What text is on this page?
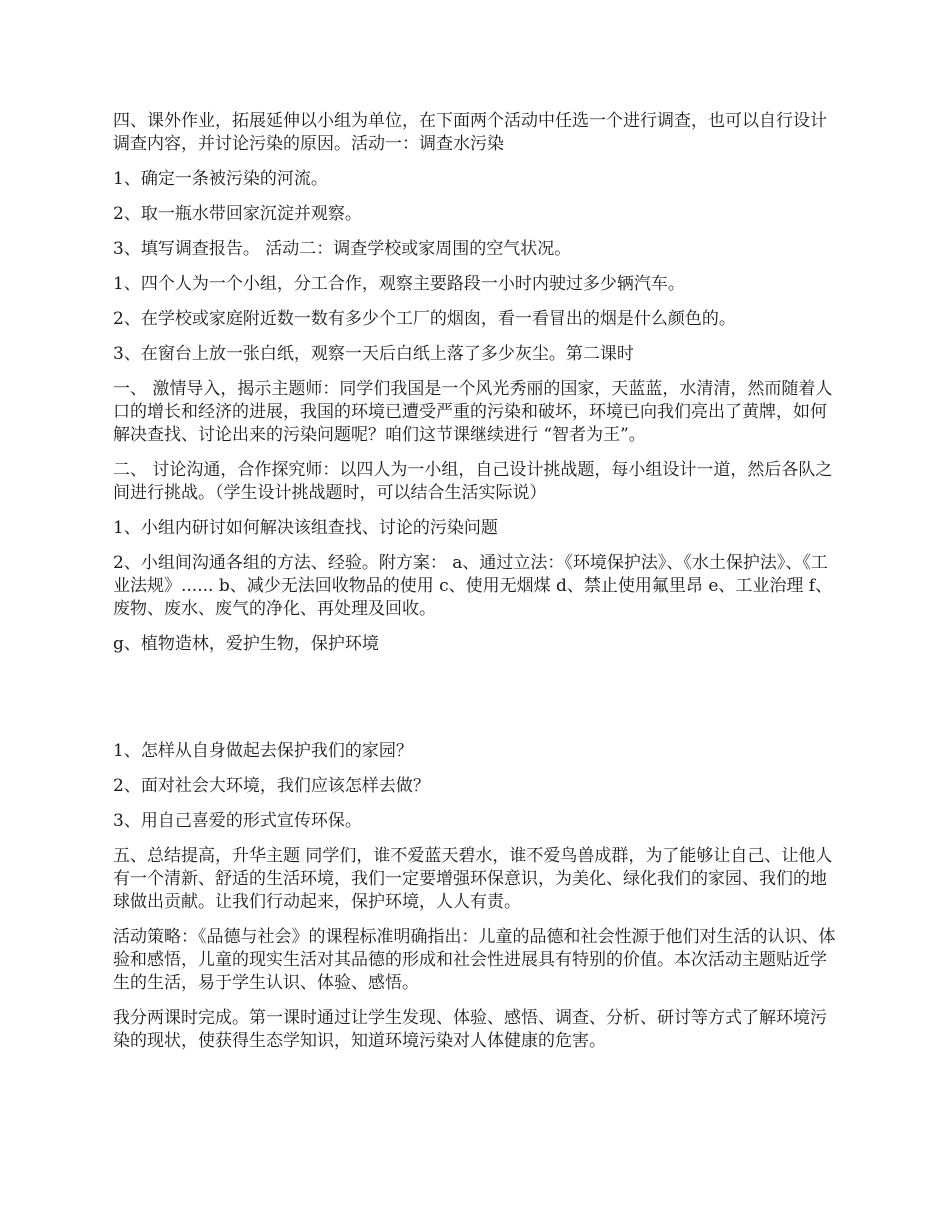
四、课外作业，拓展延伸以小组为单位，在下面两个活动中任选一个进行调查，也可以自行设计调查内容，并讨论污染的原因。活动一：调查水污染

1、确定一条被污染的河流。

2、取一瓶水带回家沉淀并观察。

3、填写调查报告。 活动二：调查学校或家周围的空气状况。

1、四个人为一个小组，分工合作，观察主要路段一小时内驶过多少辆汽车。

2、在学校或家庭附近数一数有多少个工厂的烟囱，看一看冒出的烟是什么颜色的。

3、在窗台上放一张白纸，观察一天后白纸上落了多少灰尘。第二课时

一、 激情导入，揭示主题师：同学们我国是一个风光秀丽的国家，天蓝蓝，水清清，然而随着人口的增长和经济的进展，我国的环境已遭受严重的污染和破坏，环境已向我们亮出了黄牌，如何解决查找、讨论出来的污染问题呢？咱们这节课继续进行 “智者为王”。

二、 讨论沟通，合作探究师：以四人为一小组，自己设计挑战题，每小组设计一道，然后各队之间进行挑战。（学生设计挑战题时，可以结合生活实际说）

1、小组内研讨如何解决该组查找、讨论的污染问题

2、小组间沟通各组的方法、经验。附方案： a、通过立法：《环境保护法》、《水土保护法》、《工业法规》...... b、减少无法回收物品的使用 c、使用无烟煤 d、禁止使用氟里昂 e、工业治理 f、废物、废水、废气的净化、再处理及回收。

g、植物造林，爱护生物，保护环境

1、怎样从自身做起去保护我们的家园？

2、面对社会大环境，我们应该怎样去做？

3、用自己喜爱的形式宣传环保。

五、总结提高，升华主题 同学们，谁不爱蓝天碧水，谁不爱鸟兽成群，为了能够让自己、让他人有一个清新、舒适的生活环境，我们一定要增强环保意识，为美化、绿化我们的家园、我们的地球做出贡献。让我们行动起来，保护环境，人人有责。

活动策略：《品德与社会》的课程标准明确指出：儿童的品德和社会性源于他们对生活的认识、体验和感悟，儿童的现实生活对其品德的形成和社会性进展具有特别的价值。本次活动主题贴近学生的生活，易于学生认识、体验、感悟。

我分两课时完成。第一课时通过让学生发现、体验、感悟、调查、分析、研讨等方式了解环境污染的现状，使获得生态学知识，知道环境污染对人体健康的危害。
